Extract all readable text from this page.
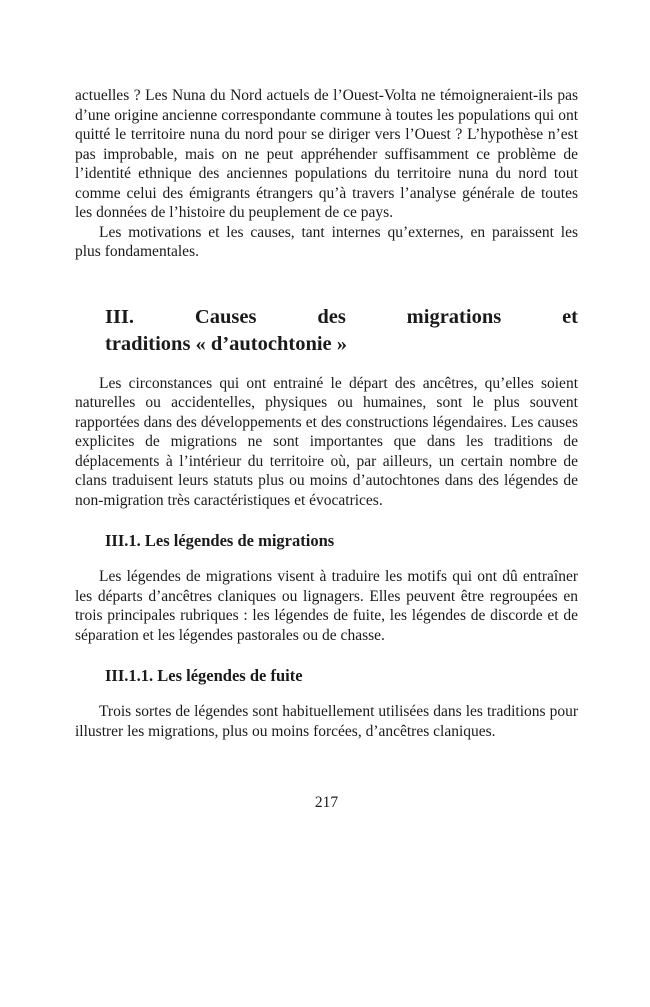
actuelles ? Les Nuna du Nord actuels de l’Ouest-Volta ne témoigneraient-ils pas d’une origine ancienne correspondante commune à toutes les populations qui ont quitté le territoire nuna du nord pour se diriger vers l’Ouest ? L’hypothèse n’est pas improbable, mais on ne peut appréhender suffisamment ce problème de l’identité ethnique des anciennes populations du territoire nuna du nord tout comme celui des émigrants étrangers qu’à travers l’analyse générale de toutes les données de l’histoire du peuplement de ce pays.

Les motivations et les causes, tant internes qu’externes, en paraissent les plus fondamentales.

III. Causes des migrations et
traditions « d’autochtonie »

Les circonstances qui ont entrainé le départ des ancêtres, qu’elles soient naturelles ou accidentelles, physiques ou humaines, sont le plus souvent rapportées dans des développements et des constructions légendaires. Les causes explicites de migrations ne sont importantes que dans les traditions de déplacements à l’intérieur du territoire où, par ailleurs, un certain nombre de clans traduisent leurs statuts plus ou moins d’autochtones dans des légendes de non-migration très caractéristiques et évocatrices.

III.1. Les légendes de migrations

Les légendes de migrations visent à traduire les motifs qui ont dû entraîner les départs d’ancêtres claniques ou lignagers. Elles peuvent être regroupées en trois principales rubriques : les légendes de fuite, les légendes de discorde et de séparation et les légendes pastorales ou de chasse.

III.1.1. Les légendes de fuite

Trois sortes de légendes sont habituellement utilisées dans les traditions pour illustrer les migrations, plus ou moins forcées, d’ancêtres claniques.

217
